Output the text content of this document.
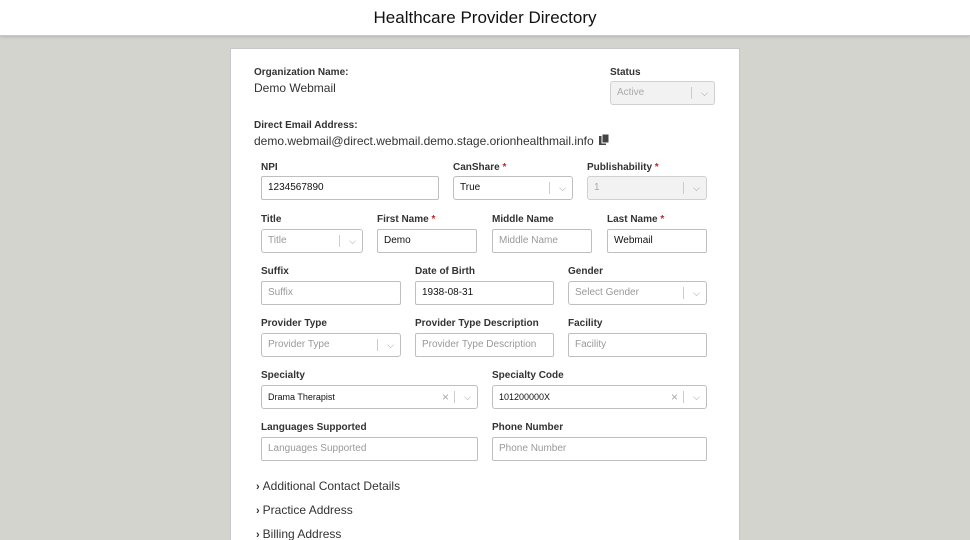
Healthcare Provider Directory
Organization Name:
Demo Webmail
Status
Active	⌵
Direct Email Address:
demo.webmail@direct.webmail.demo.stage.orionhealthmail.info
NPI
1234567890
CanShare *
True	⌵
Publishability *
1	⌵
Title
Title	⌵
First Name *
Demo
Middle Name
Middle Name
Last Name *
Webmail
Suffix
Suffix
Date of Birth
1938-08-31
Gender
Select Gender	⌵
Provider Type
Provider Type	⌵
Provider Type Description
Provider Type Description
Facility
Facility
Specialty
Drama Therapist	× ⌵
Specialty Code
101200000X	× ⌵
Languages Supported
Languages Supported
Phone Number
Phone Number
› Additional Contact Details
› Practice Address
› Billing Address
